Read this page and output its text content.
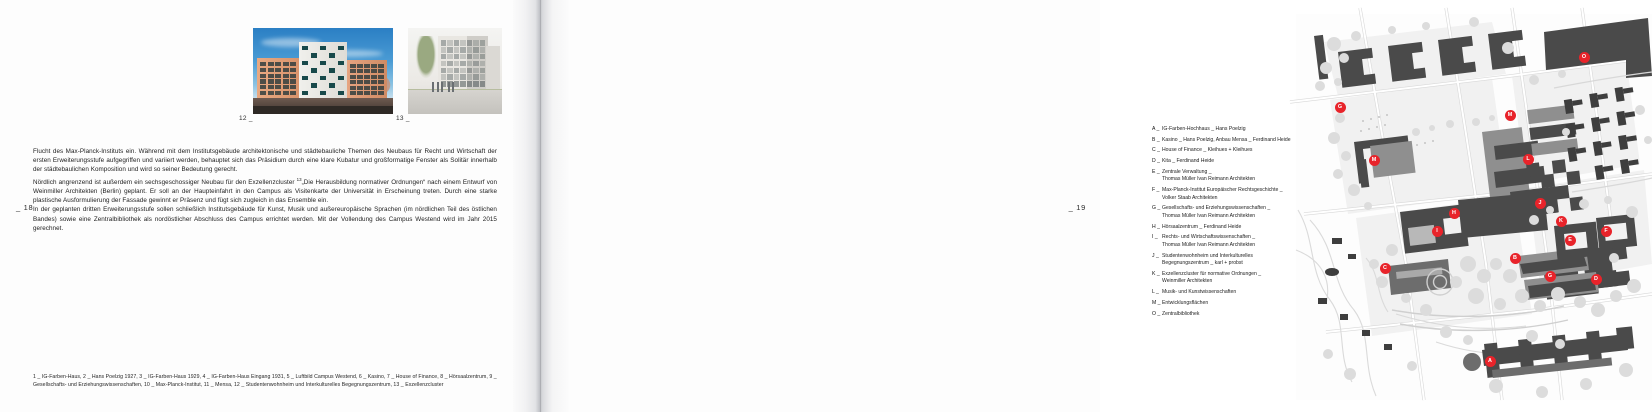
_ 18
12 _	13 _

Flucht des Max-Planck-Instituts ein. Während mit dem Institutsgebäude architektonische und städtebauliche Themen des Neubaus für Recht und Wirtschaft der ersten Erweiterungsstufe aufgegriffen und variiert werden, behauptet sich das Präsidium durch eine klare Kubatur und großformatige Fenster als Solitär innerhalb der städtebaulichen Komposition und wird so seiner Bedeutung gerecht.

Nördlich angrenzend ist außerdem ein sechsgeschossiger Neubau für den Exzellenzcluster $^{13}$„Die Herausbildung normativer Ordnungen“ nach einem Entwurf von Weinmiller Architekten (Berlin) geplant. Er soll an der Haupteinfahrt in den Campus als Visitenkarte der Universität in Erscheinung treten. Durch eine starke plastische Ausformulierung der Fassade gewinnt er Präsenz und fügt sich zugleich in das Ensemble ein.

In der geplanten dritten Erweiterungsstufe sollen schließlich Institutsgebäude für Kunst, Musik und außereuropäische Sprachen (im nördlichen Teil des östlichen Bandes) sowie eine Zentralbibliothek als nordöstlicher Abschluss des Campus errichtet werden. Mit der Vollendung des Campus Westend wird im Jahr 2015 gerechnet.

1 _ IG-Farben-Haus, 2 _ Hans Poelzig 1927, 3 _ IG-Farben-Haus 1929, 4 _ IG-Farben-Haus Eingang 1931, 5 _ Luftbild Campus Westend, 6 _ Kasino, 7 _ House of Finance, 8 _ Hörsaalzentrum, 9 _ Gesellschafts- und Erziehungswissenschaften, 10 _ Max-Planck-Institut, 11 _ Mensa, 12 _ Studentenwohnheim und Interkulturelles Begegnungszentrum, 13 _ Exzellenzcluster
_ 19
A _ IG-Farben-Hochhaus _ Hans Poelzig
B _ Kasino _ Hans Poelzig, Anbau Mensa _ Ferdinand Heide
C _ House of Finance _ Kleihues + Kleihues
D _ Kita _ Ferdinand Heide
E _ Zentrale Verwaltung _
Thomas Müller Ivan Reimann Architekten
F _ Max-Planck-Institut Europäischer Rechtsgeschichte _
Volker Staab Architekten
G _ Gesellschafts- und Erziehungswissenschaften _
Thomas Müller Ivan Reimann Architekten
H _ Hörsaalzentrum _ Ferdinand Heide
I _ Rechts- und Wirtschaftswissenschaften _
Thomas Müller Ivan Reimann Architekten
J _ Studentenwohnheim und Interkulturelles
Begegnungszentrum _ karl + probst
K _ Exzellenzcluster für normative Ordnungen _
Weinmiller Architekten
L _ Musik- und Kunstwissenschaften
M _ Entwicklungsflächen
O _ Zentralbibliothek
G
M
M
J
I
O
L
K
G
H
C
B
E
F
D
A
